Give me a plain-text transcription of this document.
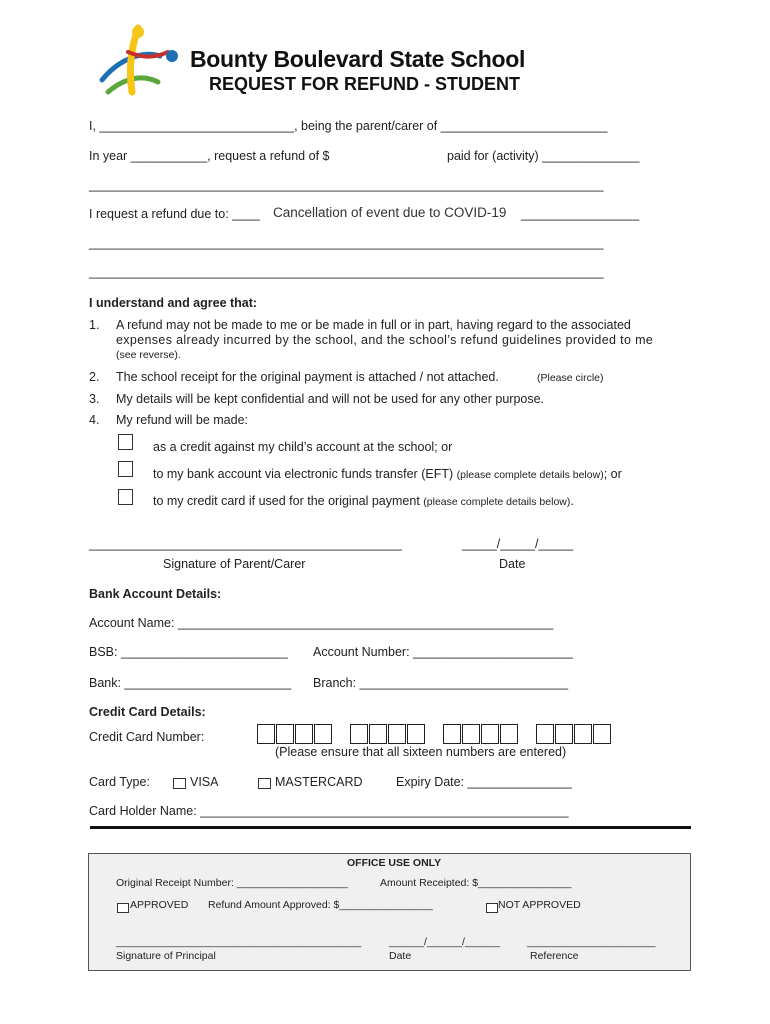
Bounty Boulevard State School
REQUEST FOR REFUND - STUDENT
I, ____________________________, being the parent/carer of ________________________
In year ___________, request a refund of $	paid for (activity) ______________
__________________________________________________________________________
I request a refund due to: ____ Cancellation of event due to COVID-19 _________________
__________________________________________________________________________
__________________________________________________________________________
I understand and agree that:
1. A refund may not be made to me or be made in full or in part, having regard to the associated
expenses already incurred by the school, and the school’s refund guidelines provided to me
(see reverse).
2. The school receipt for the original payment is attached / not attached.	(Please circle)
3. My details will be kept confidential and will not be used for any other purpose.
4. My refund will be made:
as a credit against my child’s account at the school; or
to my bank account via electronic funds transfer (EFT) (please complete details below); or
to my credit card if used for the original payment (please complete details below).
_____________________________________________	_____/_____/_____
Signature of Parent/Carer	Date
Bank Account Details:
Account Name: ______________________________________________________
BSB: ________________________ Account Number: _______________________
Bank: ________________________ Branch: ______________________________
Credit Card Details:
Credit Card Number:
(Please ensure that all sixteen numbers are entered)
Card Type:	VISA	MASTERCARD	Expiry Date: _______________
Card Holder Name: _____________________________________________________
OFFICE USE ONLY
Original Receipt Number: ___________________	Amount Receipted: $________________
APPROVED Refund Amount Approved: $________________	NOT APPROVED
__________________________________________	______/______/______	______________________
Signature of Principal	Date	Reference
